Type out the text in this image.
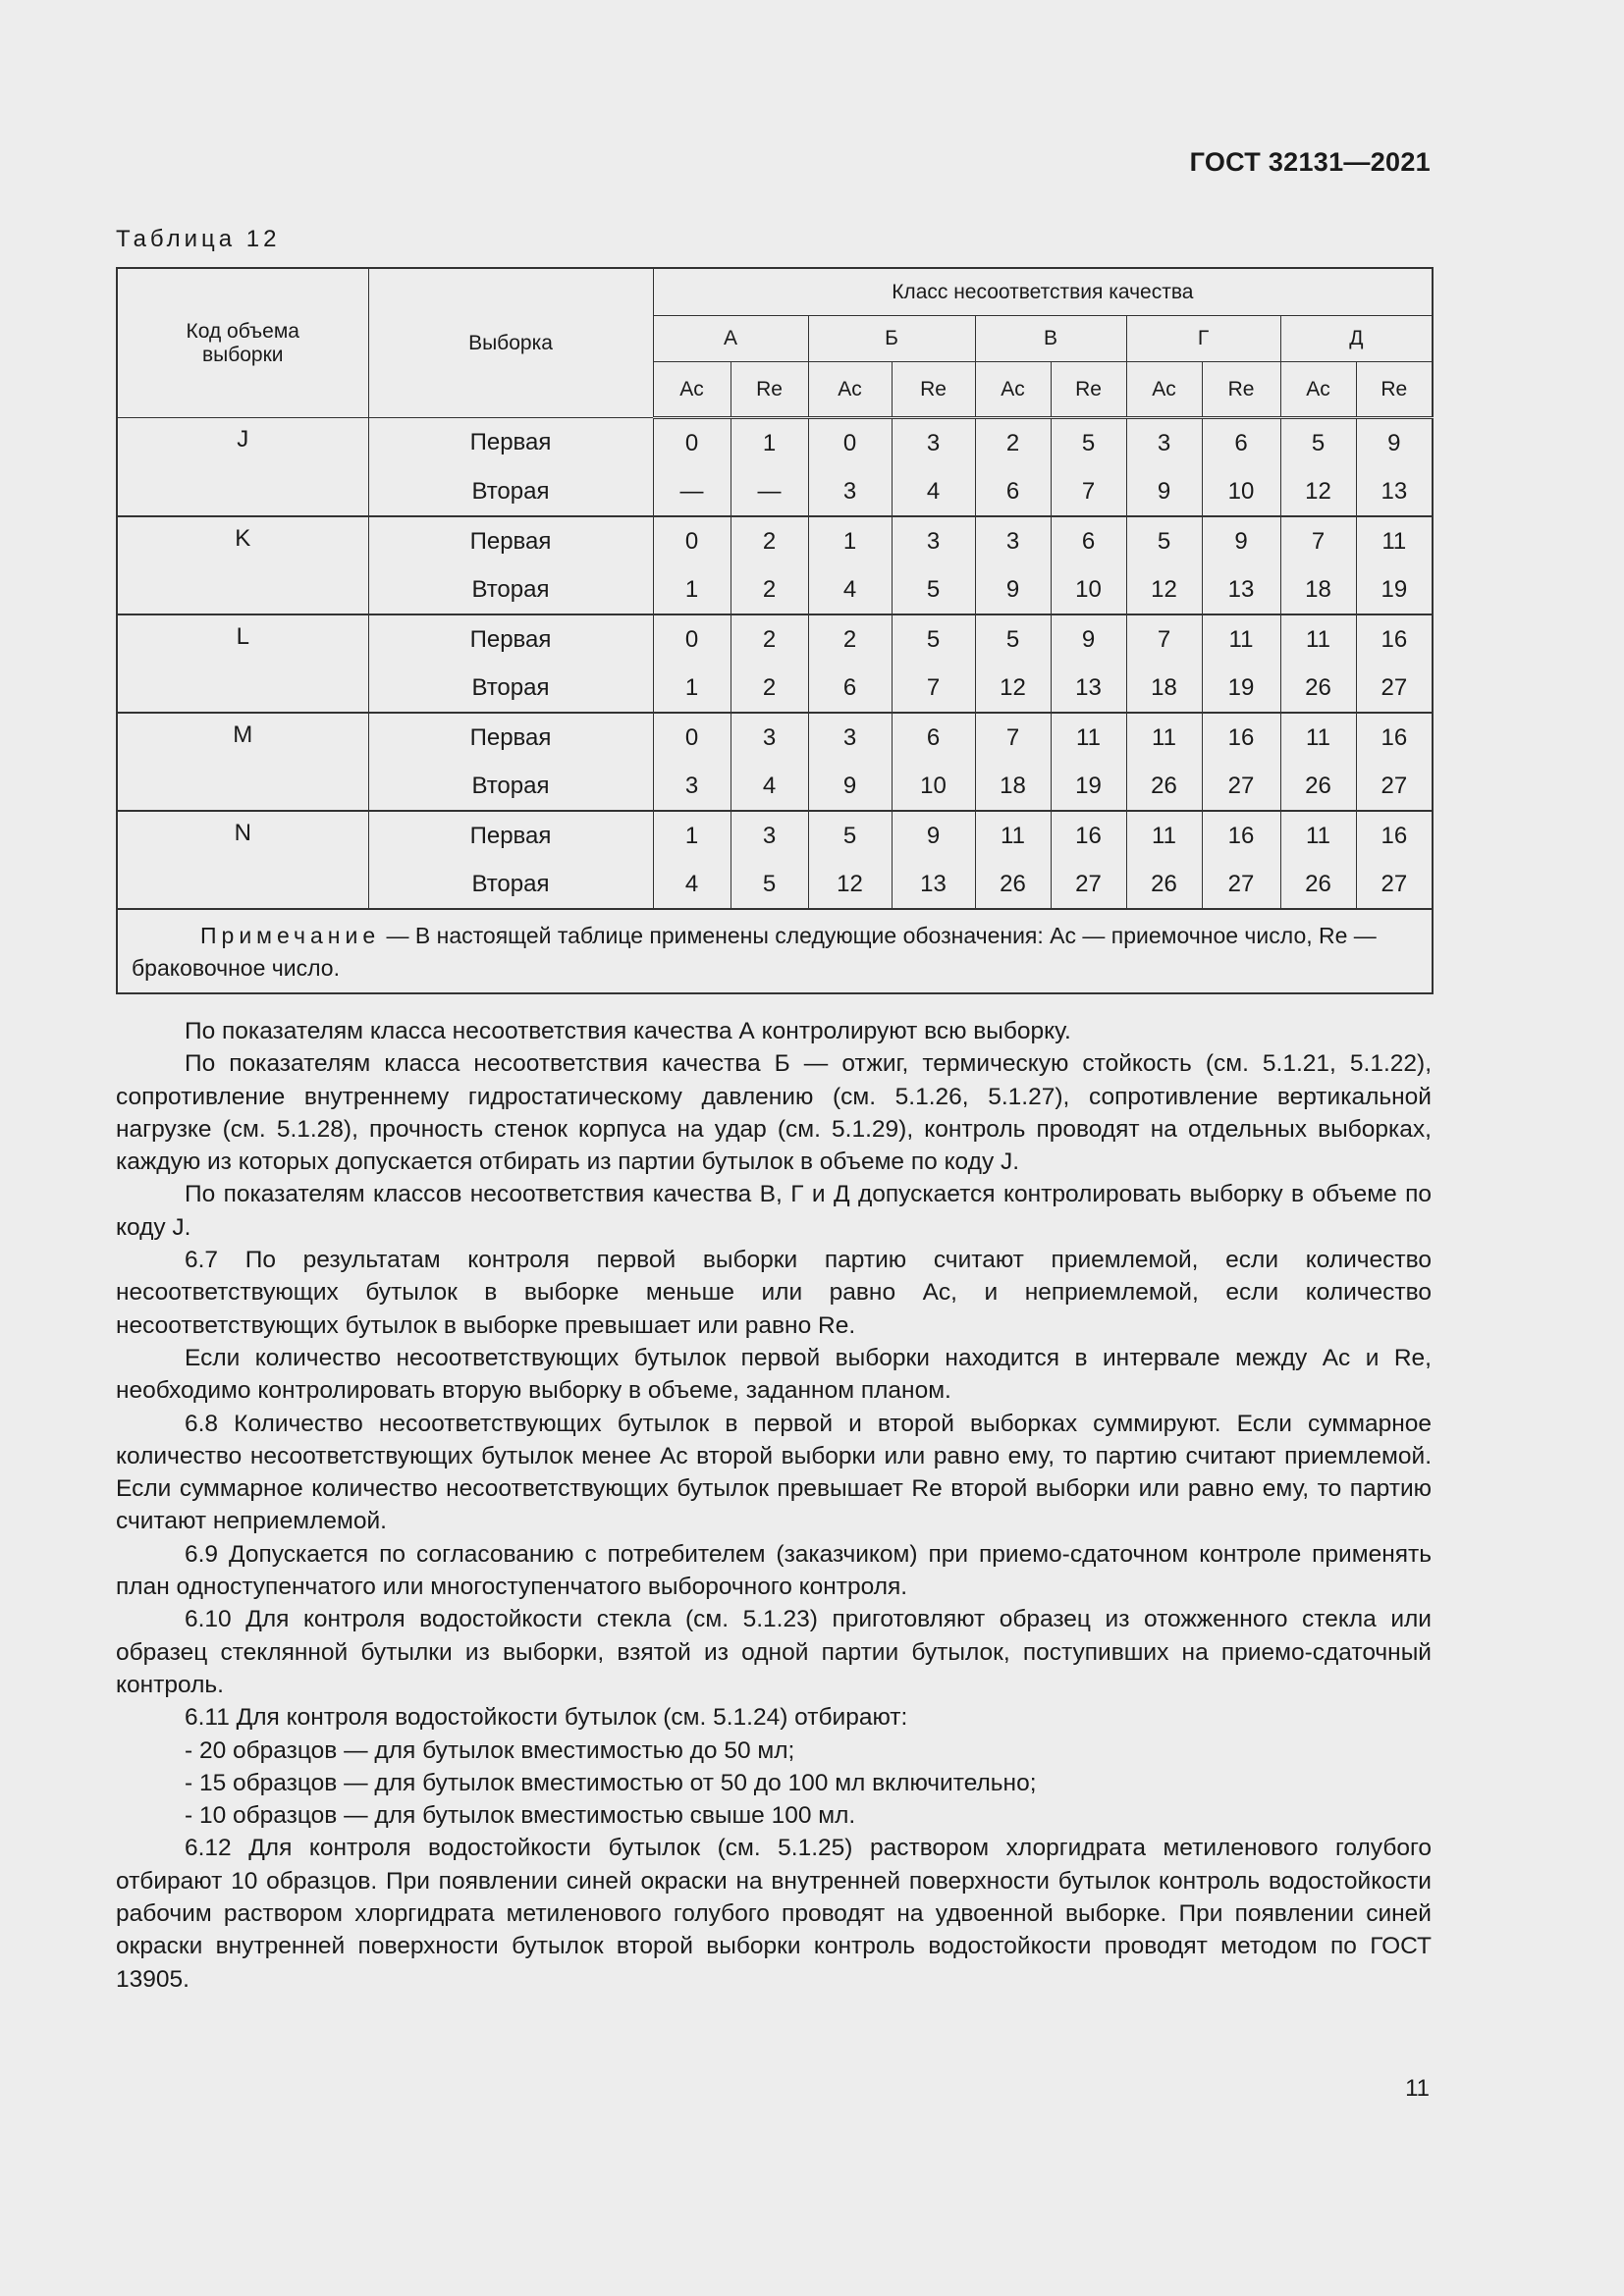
ГОСТ 32131—2021
Таблица 12
Код объема выборки	Выборка	Класс несоответствия качества									
		А		Б		В		Г		Д	
		Ac	Re	Ac	Re	Ac	Re	Ac	Re	Ac	Re
J	Первая	0	1	0	3	2	5	3	6	5	9
	Вторая	—	—	3	4	6	7	9	10	12	13
K	Первая	0	2	1	3	3	6	5	9	7	11
	Вторая	1	2	4	5	9	10	12	13	18	19
L	Первая	0	2	2	5	5	9	7	11	11	16
	Вторая	1	2	6	7	12	13	18	19	26	27
M	Первая	0	3	3	6	7	11	11	16	11	16
	Вторая	3	4	9	10	18	19	26	27	26	27
N	Первая	1	3	5	9	11	16	11	16	11	16
	Вторая	4	5	12	13	26	27	26	27	26	27
Примечание — В настоящей таблице применены следующие обозначения: Ac — приемочное число, Re — браковочное число.											

По показателям класса несоответствия качества А контролируют всю выборку.

По показателям класса несоответствия качества Б — отжиг, термическую стойкость (см. 5.1.21, 5.1.22), сопротивление внутреннему гидростатическому давлению (см. 5.1.26, 5.1.27), сопротивление вертикальной нагрузке (см. 5.1.28), прочность стенок корпуса на удар (см. 5.1.29), контроль проводят на отдельных выборках, каждую из которых допускается отбирать из партии бутылок в объеме по коду J.

По показателям классов несоответствия качества В, Г и Д допускается контролировать выборку в объеме по коду J.

6.7 По результатам контроля первой выборки партию считают приемлемой, если количество несоответствующих бутылок в выборке меньше или равно Ac, и неприемлемой, если количество несоответствующих бутылок в выборке превышает или равно Re.

Если количество несоответствующих бутылок первой выборки находится в интервале между Ac и Re, необходимо контролировать вторую выборку в объеме, заданном планом.

6.8 Количество несоответствующих бутылок в первой и второй выборках суммируют. Если суммарное количество несоответствующих бутылок менее Ac второй выборки или равно ему, то партию считают приемлемой. Если суммарное количество несоответствующих бутылок превышает Re второй выборки или равно ему, то партию считают неприемлемой.

6.9 Допускается по согласованию с потребителем (заказчиком) при приемо-сдаточном контроле применять план одноступенчатого или многоступенчатого выборочного контроля.

6.10 Для контроля водостойкости стекла (см. 5.1.23) приготовляют образец из отожженного стекла или образец стеклянной бутылки из выборки, взятой из одной партии бутылок, поступивших на приемо-сдаточный контроль.

6.11 Для контроля водостойкости бутылок (см. 5.1.24) отбирают:

- 20 образцов — для бутылок вместимостью до 50 мл;

- 15 образцов — для бутылок вместимостью от 50 до 100 мл включительно;

- 10 образцов — для бутылок вместимостью свыше 100 мл.

6.12 Для контроля водостойкости бутылок (см. 5.1.25) раствором хлоргидрата метиленового голубого отбирают 10 образцов. При появлении синей окраски на внутренней поверхности бутылок контроль водостойкости рабочим раствором хлоргидрата метиленового голубого проводят на удвоенной выборке. При появлении синей окраски внутренней поверхности бутылок второй выборки контроль водостойкости проводят методом по ГОСТ 13905.

11
